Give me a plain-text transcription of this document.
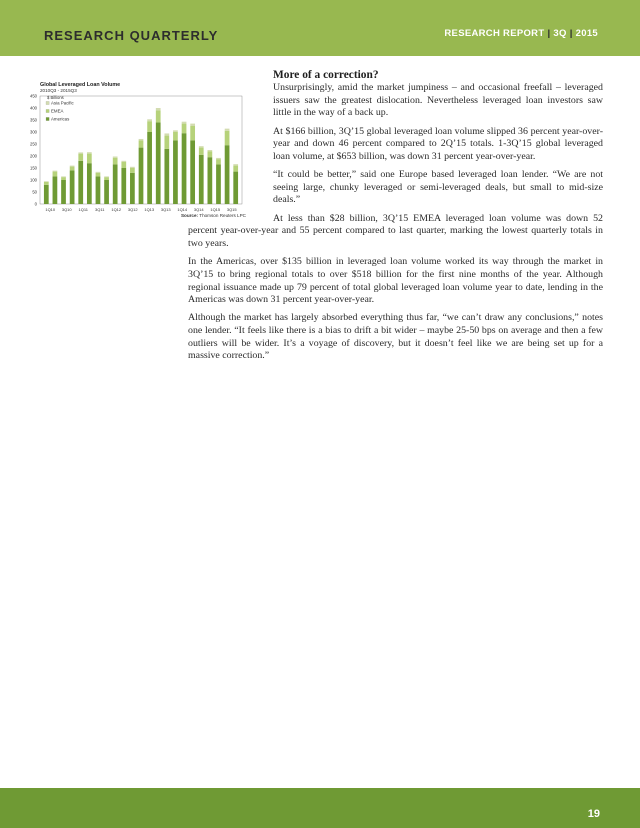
RESEARCH QUARTERLY	RESEARCH REPORT | 3Q | 2015
Global Leveraged Loan Volume
2010Q3 - 2015Q3
0
50
100
150
200
250
300
350
400
450 $ Billions
1Q10 3Q10 1Q11 3Q11 1Q12 3Q12 1Q13 3Q13 1Q14 3Q14 1Q15 3Q15
Asia Pacific
EMEA
Americas
Source: Thomson Reuters LPC
More of a correction?

Unsurprisingly, amid the market jumpiness – and occasional freefall – leveraged issuers saw the greatest dislocation. Nevertheless leveraged loan investors saw little in the way of a back up.

At $166 billion, 3Q’15 global leveraged loan volume slipped 36 percent year-over-year and down 46 percent compared to 2Q’15 totals. 1-3Q’15 global leveraged loan volume, at $653 billion, was down 31 percent year-over-year.

“It could be better,” said one Europe based leveraged loan lender. “We are not seeing large, chunky leveraged or semi-leveraged deals, but small to mid-size deals.”

At less than $28 billion, 3Q’15 EMEA leveraged loan volume was down 52 percent year-over-year and 55 percent compared to last quarter, marking the lowest quarterly totals in two years.

In the Americas, over $135 billion in leveraged loan volume worked its way through the market in 3Q’15 to bring regional totals to over $518 billion for the first nine months of the year. Although regional issuance made up 79 percent of total global leveraged loan volume year to date, lending in the Americas was down 31 percent year-over-year.

Although the market has largely absorbed everything thus far, “we can’t draw any conclusions,” notes one lender. “It feels like there is a bias to drift a bit wider – maybe 25-50 bps on average and then a few outliers will be wider. It’s a voyage of discovery, but it doesn’t feel like we are being set up for a massive correction.”

19
